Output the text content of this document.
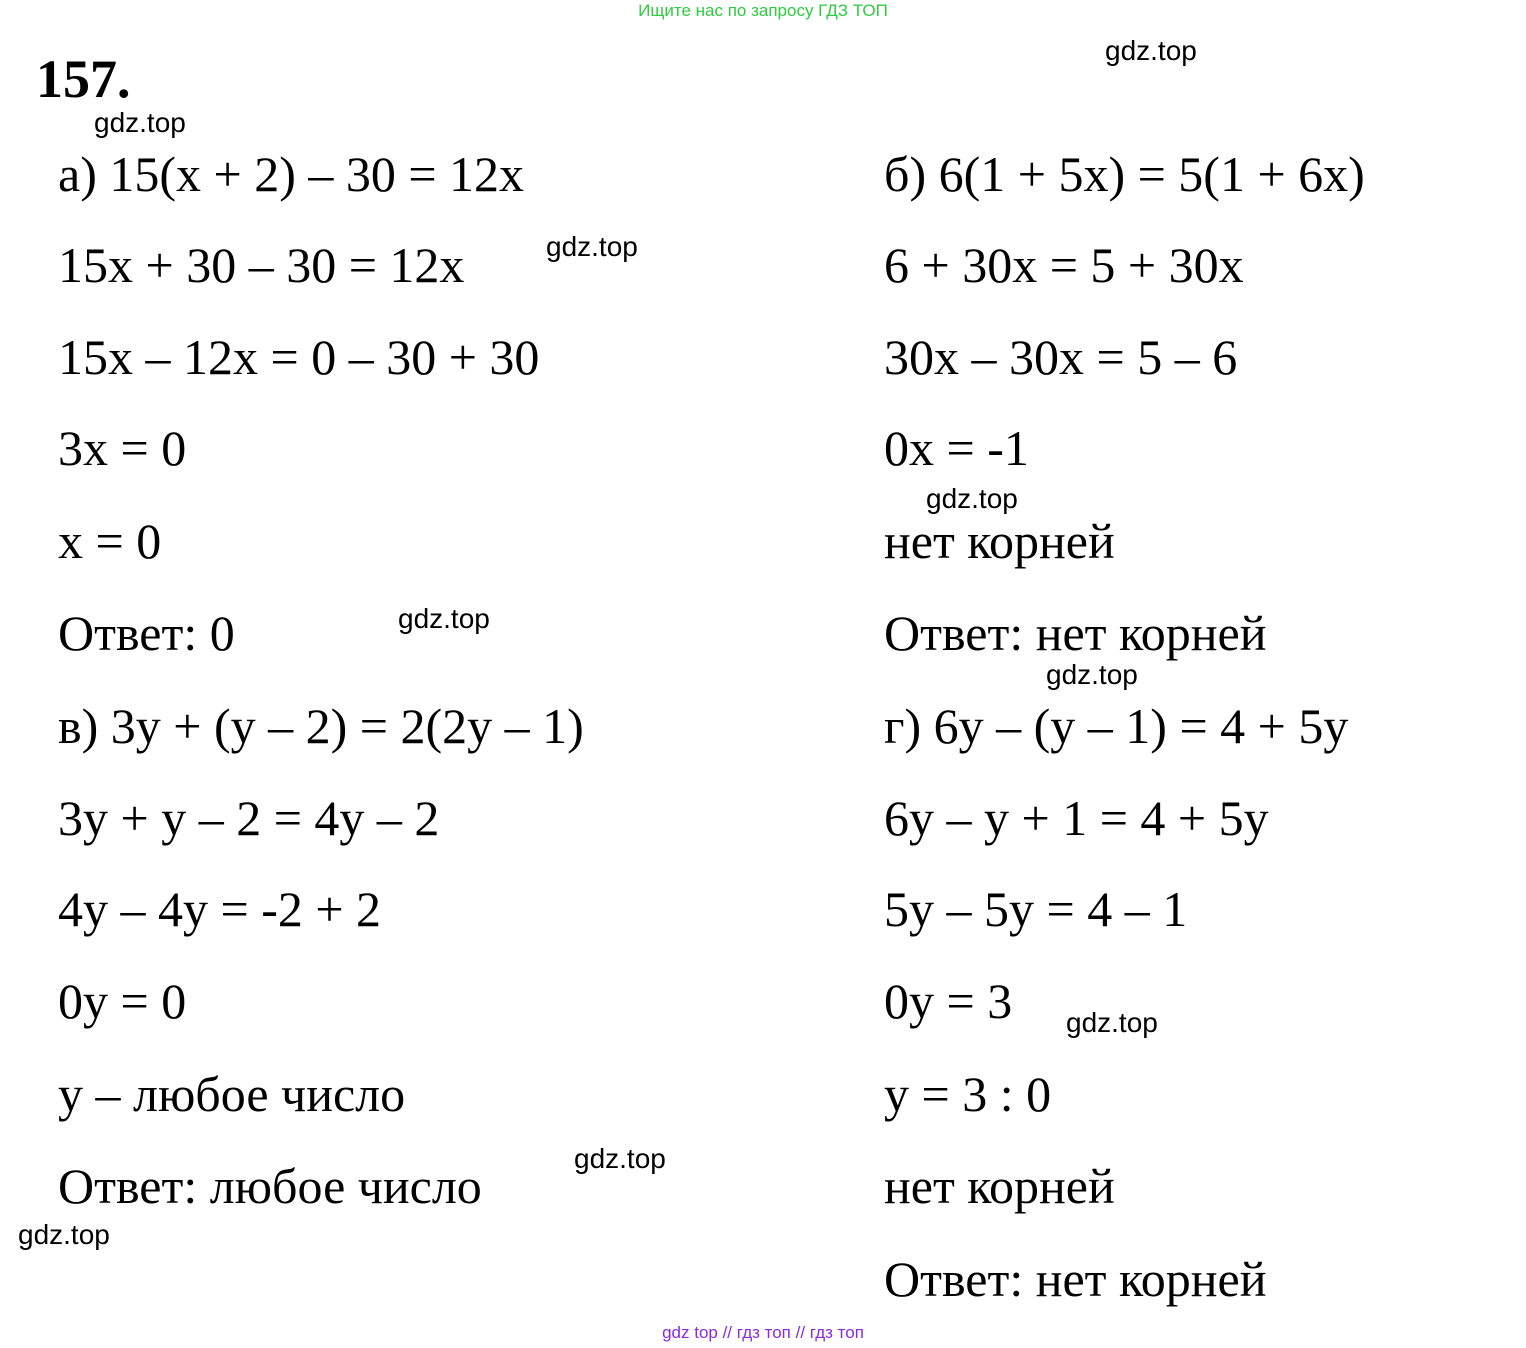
Ищите нас по запросу ГДЗ ТОП
157.	gdz.top
gdz.top
gdz.top
gdz.top
gdz.top
gdz.top
gdz.top
gdz.top
gdz.top
а) 15(x + 2) – 30 = 12x
15x + 30 – 30 = 12x
15x – 12x = 0 – 30 + 30
3x = 0
x = 0
Ответ: 0
в) 3y + (y – 2) = 2(2y – 1)
3y + y – 2 = 4y – 2
4y – 4y = -2 + 2
0y = 0
y – любое число
Ответ: любое число
б) 6(1 + 5x) = 5(1 + 6x)
6 + 30x = 5 + 30x
30x – 30x = 5 – 6
0x = -1
нет корней
Ответ: нет корней
г) 6y – (y – 1) = 4 + 5y
6y – y + 1 = 4 + 5y
5y – 5y = 4 – 1
0y = 3
y = 3 : 0
нет корней
Ответ: нет корней
gdz top // гдз топ // гдз топ
